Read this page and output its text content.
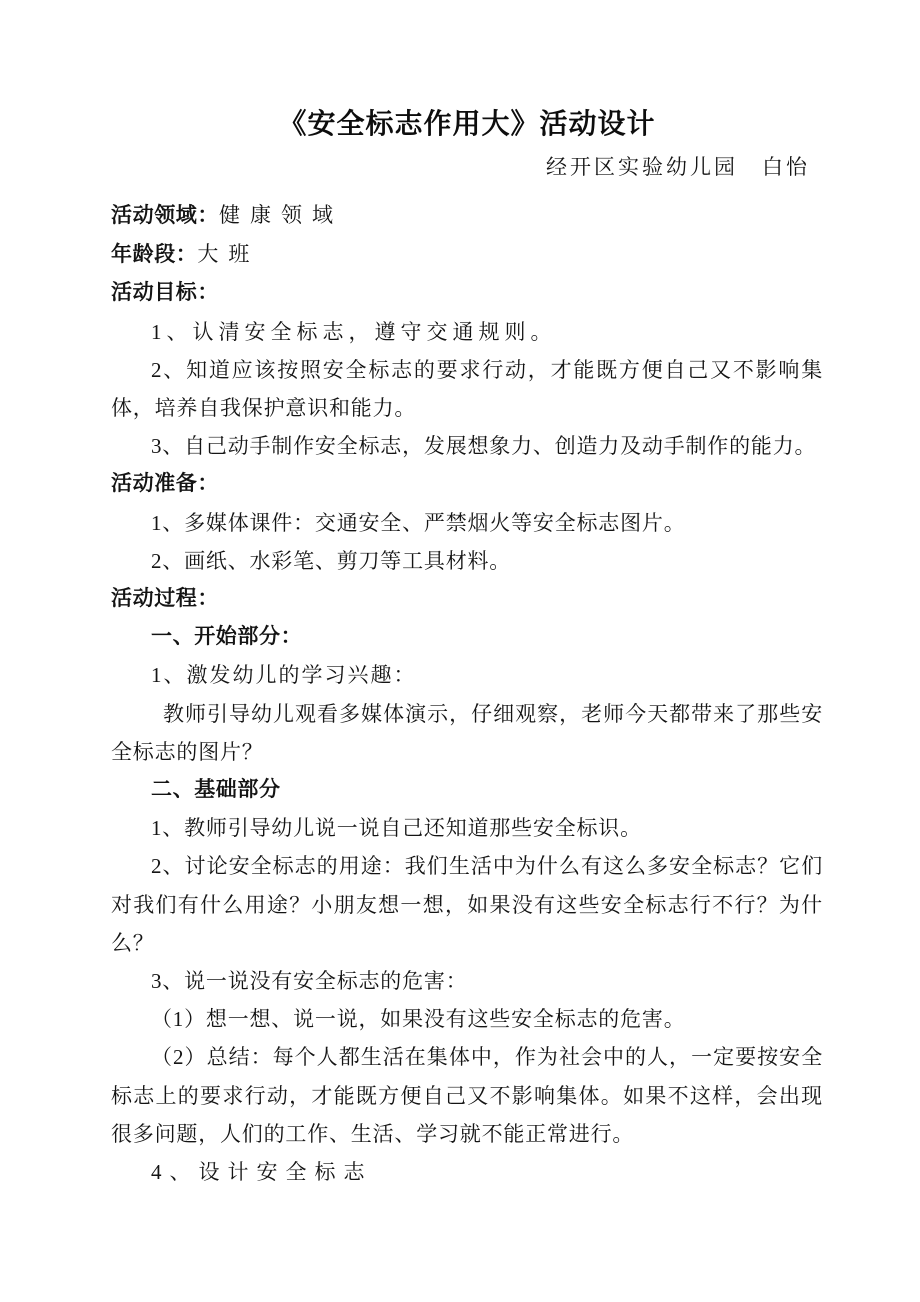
《安全标志作用大》活动设计

经开区实验幼儿园　白怡

活动领域：健康领域

年龄段：大班

活动目标：

1、认清安全标志，遵守交通规则。

2、知道应该按照安全标志的要求行动，才能既方便自己又不影响集体，培养自我保护意识和能力。

3、自己动手制作安全标志，发展想象力、创造力及动手制作的能力。

活动准备：

1、多媒体课件：交通安全、严禁烟火等安全标志图片。

2、画纸、水彩笔、剪刀等工具材料。

活动过程：

一、开始部分：

1、激发幼儿的学习兴趣：

教师引导幼儿观看多媒体演示，仔细观察，老师今天都带来了那些安全标志的图片？

二、基础部分

1、教师引导幼儿说一说自己还知道那些安全标识。

2、讨论安全标志的用途：我们生活中为什么有这么多安全标志？它们对我们有什么用途？小朋友想一想，如果没有这些安全标志行不行？为什么？

3、说一说没有安全标志的危害：

（1）想一想、说一说，如果没有这些安全标志的危害。

（2）总结：每个人都生活在集体中，作为社会中的人，一定要按安全标志上的要求行动，才能既方便自己又不影响集体。如果不这样，会出现很多问题，人们的工作、生活、学习就不能正常进行。

4、设计安全标志
